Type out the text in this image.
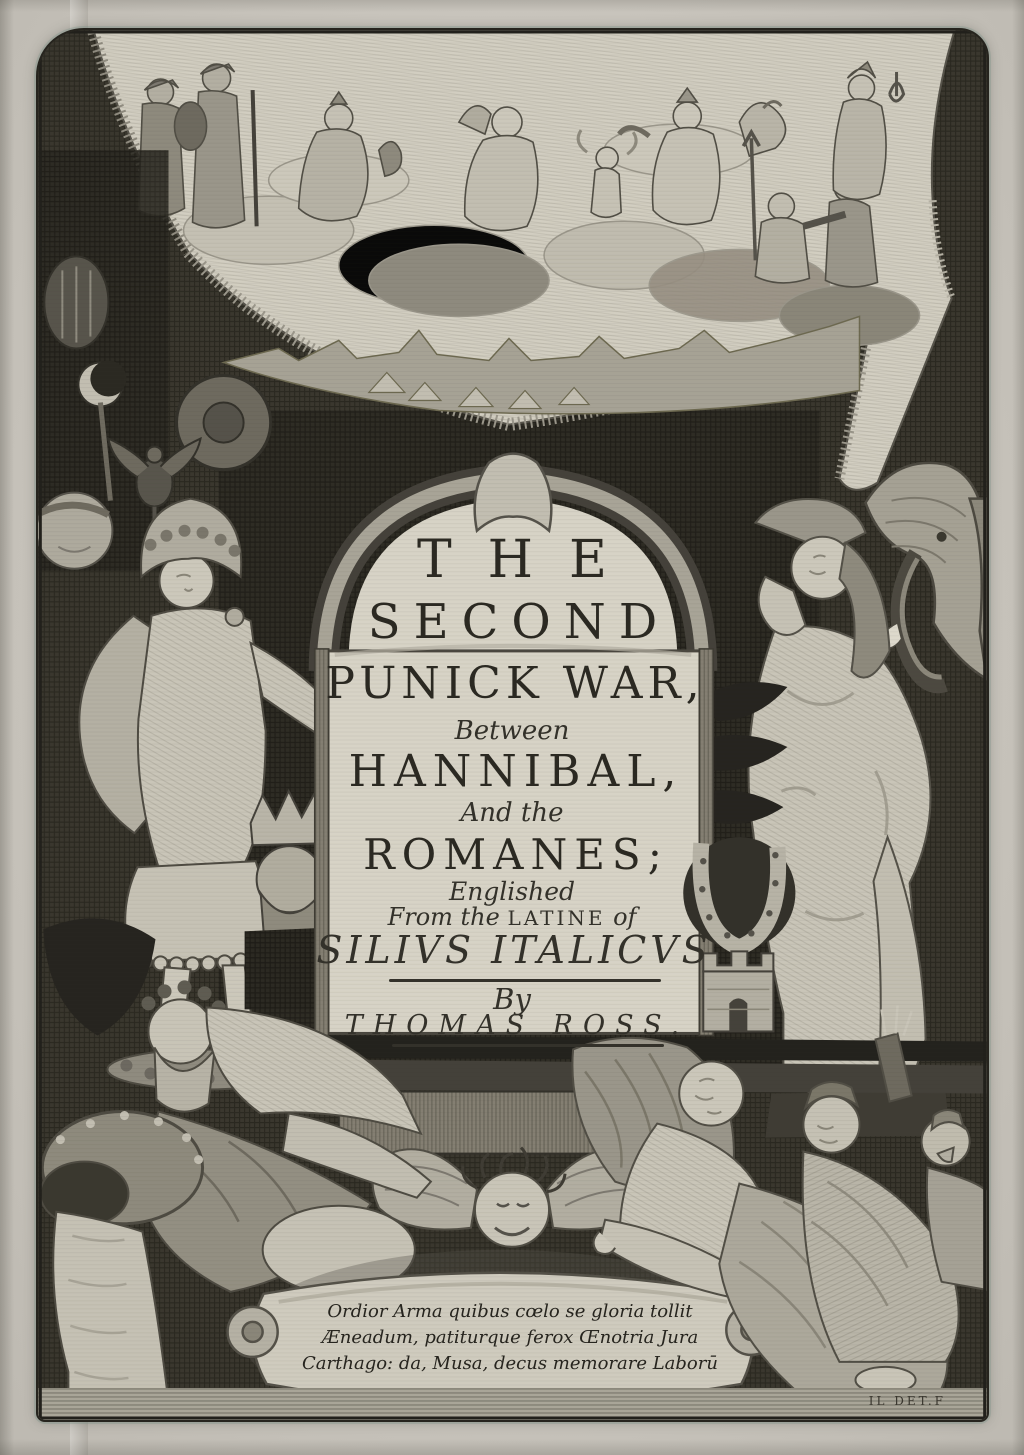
THE
SECOND
PUNICK WAR,
Between
HANNIBAL,
And the
ROMANES;
Englished
From the LATINE of
SILIVS ITALICVS
By
THOMAS ROSS.
Ordior Arma quibus cœlo se gloria tollit
Æneadum, patiturque ferox Œnotria Jura
Carthago: da, Musa, decus memorare Laborū
IL DET.F
